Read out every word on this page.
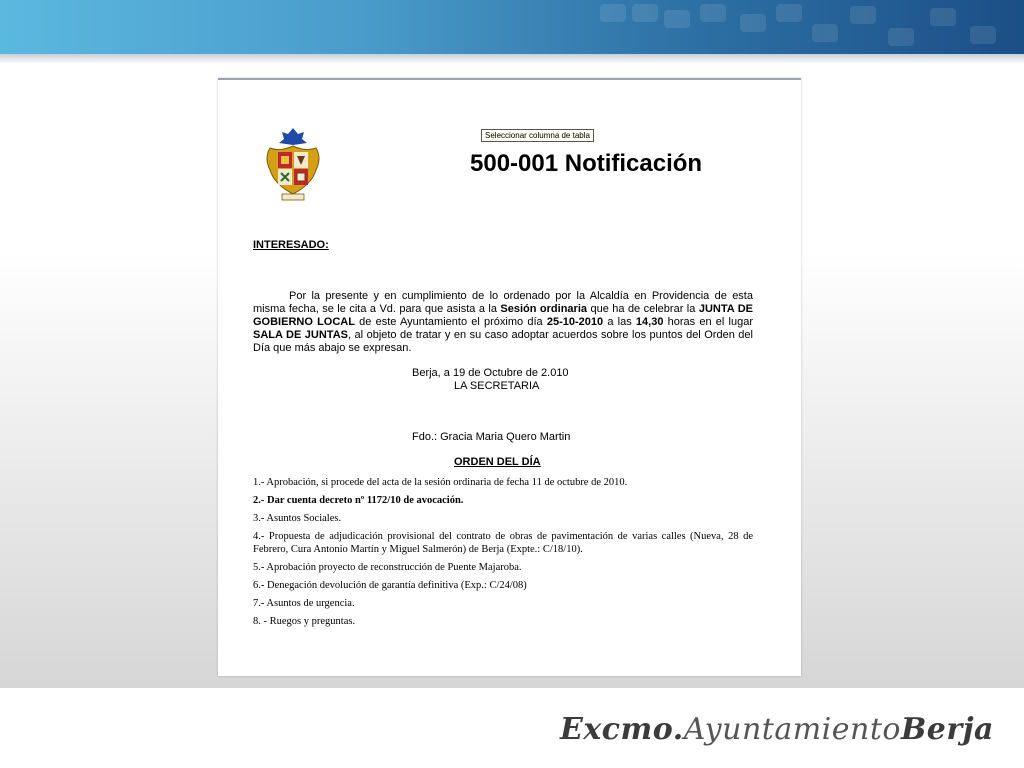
Seleccionar columna de tabla
500-001 Notificación
INTERESADO:
Por la presente y en cumplimiento de lo ordenado por la Alcaldía en Providencia de esta misma fecha, se le cita a Vd. para que asista a la Sesión ordinaria que ha de celebrar la JUNTA DE GOBIERNO LOCAL de este Ayuntamiento el próximo día 25-10-2010 a las 14,30 horas en el lugar SALA DE JUNTAS, al objeto de tratar y en su caso adoptar acuerdos sobre los puntos del Orden del Día que más abajo se expresan.
Berja, a 19 de Octubre de 2.010
LA SECRETARIA
Fdo.: Gracia Maria Quero Martin
ORDEN DEL DÍA
1.- Aprobación, si procede del acta de la sesión ordinaria de fecha 11 de octubre de 2010.
2.- Dar cuenta decreto nº 1172/10 de avocación.
3.- Asuntos Sociales.
4.- Propuesta de adjudicación provisional del contrato de obras de pavimentación de varias calles (Nueva, 28 de Febrero, Cura Antonio Martín y Miguel Salmerón) de Berja (Expte.: C/18/10).
5.- Aprobación proyecto de reconstrucción de Puente Majaroba.
6.- Denegación devolución de garantía definitiva (Exp.: C/24/08)
7.- Asuntos de urgencia.
8. - Ruegos y preguntas.
Excmo.AyuntamientoBerja
